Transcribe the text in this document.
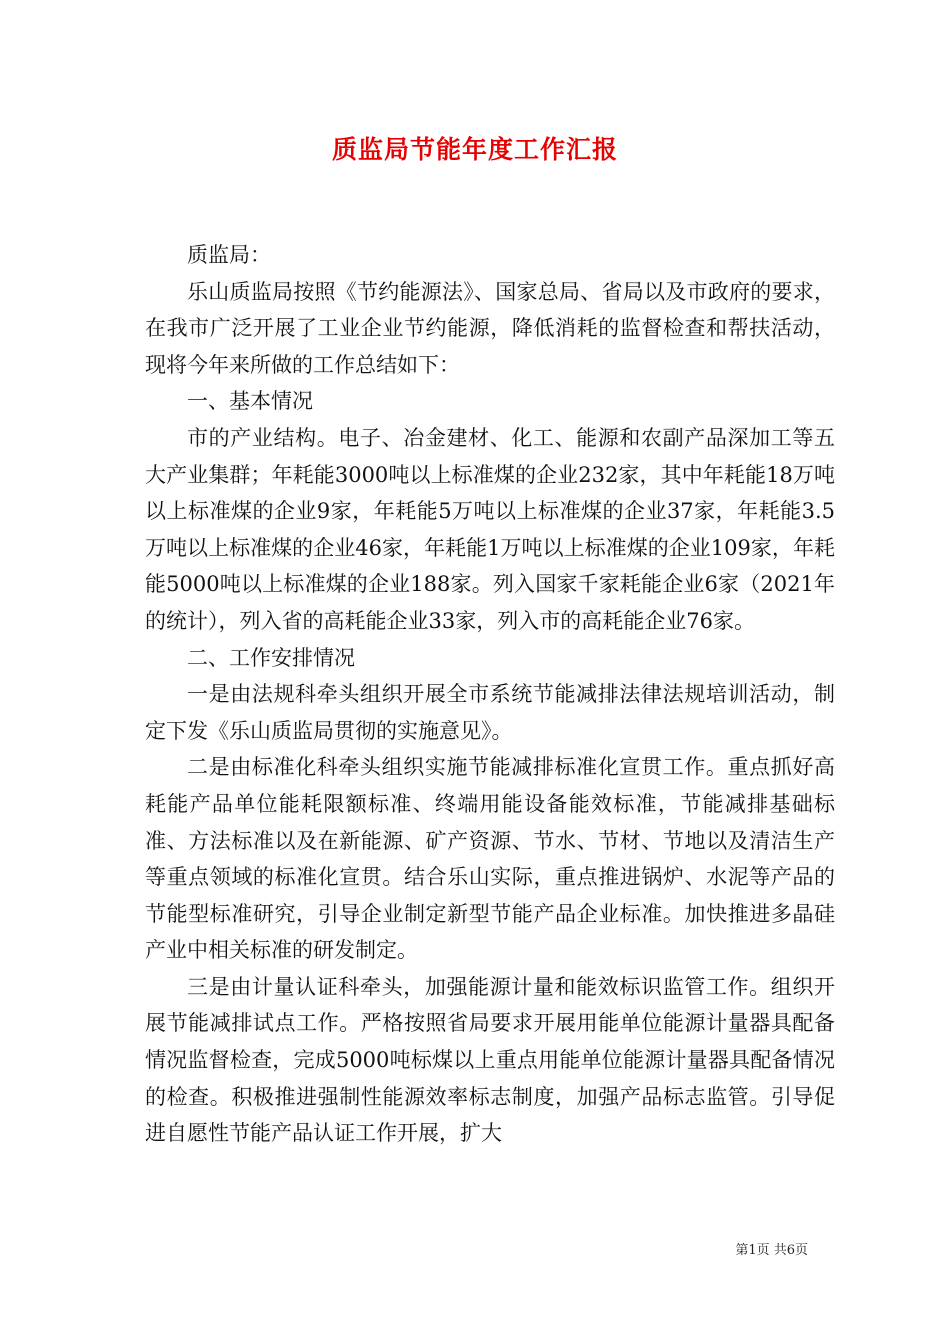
质监局节能年度工作汇报

质监局：

乐山质监局按照《节约能源法》、国家总局、省局以及市政府的要求，在我市广泛开展了工业企业节约能源，降低消耗的监督检查和帮扶活动，现将今年来所做的工作总结如下：

一、基本情况

市的产业结构。电子、冶金建材、化工、能源和农副产品深加工等五大产业集群；年耗能3000吨以上标准煤的企业232家，其中年耗能18万吨以上标准煤的企业9家，年耗能5万吨以上标准煤的企业37家，年耗能3.5万吨以上标准煤的企业46家，年耗能1万吨以上标准煤的企业109家，年耗能5000吨以上标准煤的企业188家。列入国家千家耗能企业6家（2021年的统计），列入省的高耗能企业33家，列入市的高耗能企业76家。

二、工作安排情况

一是由法规科牵头组织开展全市系统节能减排法律法规培训活动，制定下发《乐山质监局贯彻的实施意见》。

二是由标准化科牵头组织实施节能减排标准化宣贯工作。重点抓好高耗能产品单位能耗限额标准、终端用能设备能效标准，节能减排基础标准、方法标准以及在新能源、矿产资源、节水、节材、节地以及清洁生产等重点领域的标准化宣贯。结合乐山实际，重点推进锅炉、水泥等产品的节能型标准研究，引导企业制定新型节能产品企业标准。加快推进多晶硅产业中相关标准的研发制定。

三是由计量认证科牵头，加强能源计量和能效标识监管工作。组织开展节能减排试点工作。严格按照省局要求开展用能单位能源计量器具配备情况监督检查，完成5000吨标煤以上重点用能单位能源计量器具配备情况的检查。积极推进强制性能源效率标志制度，加强产品标志监管。引导促进自愿性节能产品认证工作开展，扩大

第1页 共6页
